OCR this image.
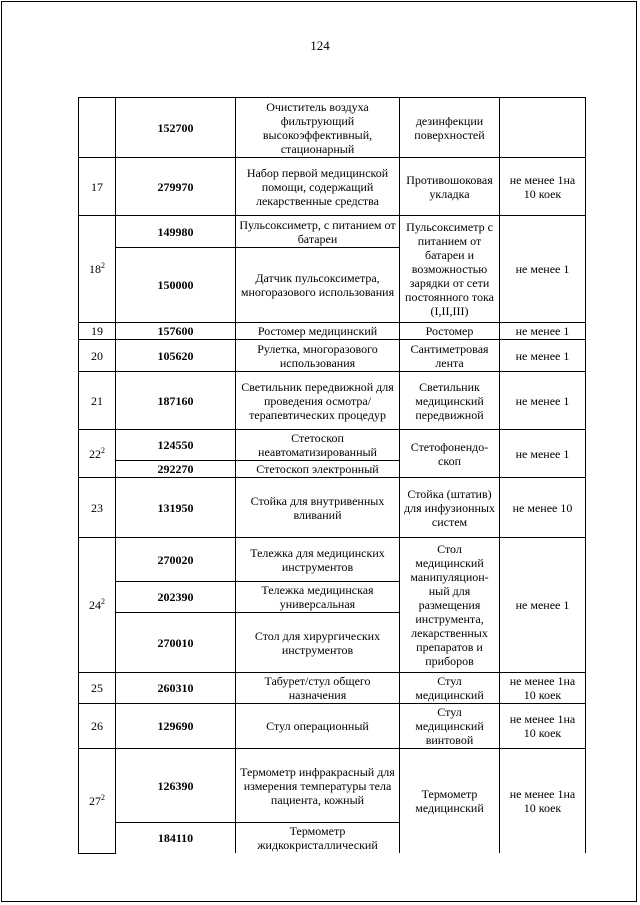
124
	152700	Очиститель воздуха фильтрующий высокоэффективный, стационарный	дезинфекции поверхностей	
17	279970	Набор первой медицинской помощи, содержащий лекарственные средства	Противошоковая укладка	не менее 1на 10 коек
$18^2$	149980	Пульсоксиметр, с питанием от батареи	Пульсоксиметр с питанием от батареи и возможностью зарядки от сети постоянного тока (I,II,III)	не менее 1
	150000	Датчик пульсоксиметра, многоразового использования		
19	157600	Ростомер медицинский	Ростомер	не менее 1
20	105620	Рулетка, многоразового использования	Сантиметровая лента	не менее 1
21	187160	Светильник передвижной для проведения осмотра/терапевтических процедур	Светильник медицинский передвижной	не менее 1
$22^2$	124550	Стетоскоп неавтоматизированный	Стетофонендо-скоп	не менее 1
	292270	Стетоскоп электронный		
23	131950	Стойка для внутривенных вливаний	Стойка (штатив) для инфузионных систем	не менее 10
$24^2$	270020	Тележка для медицинских инструментов	Стол медицинский манипуляцион-ный для размещения инструмента, лекарственных препаратов и приборов	не менее 1
	202390	Тележка медицинская универсальная		
	270010	Стол для хирургических инструментов		
25	260310	Табурет/стул общего назначения	Стул медицинский	не менее 1на 10 коек
26	129690	Стул операционный	Стул медицинский винтовой	не менее 1на 10 коек
$27^2$	126390	Термометр инфракрасный для измерения температуры тела пациента, кожный	Термометр медицинский	не менее 1на 10 коек
	184110	Термометр жидкокристаллический		
